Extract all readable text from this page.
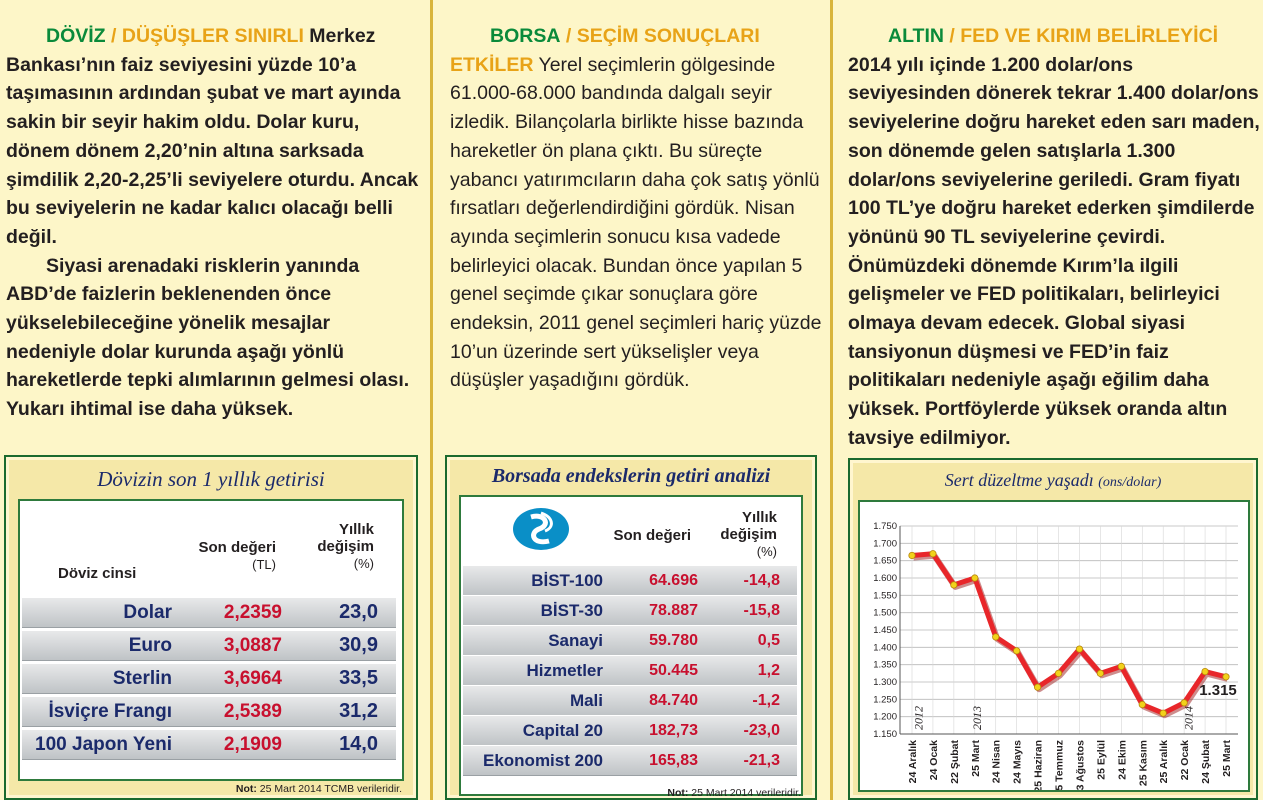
DÖVİZ / DÜŞÜŞLER SINIRLI Merkez Bankası’nın faiz seviyesini yüzde 10’a taşımasının ardından şubat ve mart ayında sakin bir seyir hakim oldu. Dolar kuru, dönem dönem 2,20’nin altına sarksada şimdilik 2,20-2,25’li seviyelere oturdu. Ancak bu seviyelerin ne kadar kalıcı olacağı belli değil.

Siyasi arenadaki risklerin yanında ABD’de faizlerin beklenenden önce yükselebileceğine yönelik mesajlar nedeniyle dolar kurunda aşağı yönlü hareketlerde tepki alımlarının gelmesi olası. Yukarı ihtimal ise daha yüksek.

BORSA / SEÇİM SONUÇLARI ETKİLER Yerel seçimlerin gölgesinde 61.000-68.000 bandında dalgalı seyir izledik. Bilançolarla birlikte hisse bazında hareketler ön plana çıktı. Bu süreçte yabancı yatırımcıların daha çok satış yönlü fırsatları değerlendirdiğini gördük. Nisan ayında seçimlerin sonucu kısa vadede belirleyici olacak. Bundan önce yapılan 5 genel seçimde çıkar sonuçlara göre endeksin, 2011 genel seçimleri hariç yüzde 10’un üzerinde sert yükselişler veya düşüşler yaşadığını gördük.

ALTIN / FED VE KIRIM BELİRLEYİCİ 2014 yılı içinde 1.200 dolar/ons seviyesinden dönerek tekrar 1.400 dolar/ons seviyelerine doğru hareket eden sarı maden, son dönemde gelen satışlarla 1.300 dolar/ons seviyelerine geriledi. Gram fiyatı 100 TL’ye doğru hareket ederken şimdilerde yönünü 90 TL seviyelerine çevirdi. Önümüzdeki dönemde Kırım’la ilgili gelişmeler ve FED politikaları, belirleyici olmaya devam edecek. Global siyasi tansiyonun düşmesi ve FED’in faiz politikaları nedeniyle aşağı eğilim daha yüksek. Portföylerde yüksek oranda altın tavsiye edilmiyor.

Dövizin son 1 yıllık getirisi
Döviz cinsi
Son değeri
(TL)
Yıllık değişim
(%)
Dolar	2,2359	23,0
Euro	3,0887	30,9
Sterlin	3,6964	33,5
İsviçre Frangı	2,5389	31,2
100 Japon Yeni	2,1909	14,0
Not: 25 Mart 2014 TCMB verileridir.
Borsada endekslerin getiri analizi
Son değeri
Yıllık değişim
(%)
BİST-100	64.696	-14,8
BİST-30	78.887	-15,8
Sanayi	59.780	0,5
Hizmetler	50.445	1,2
Mali	84.740	-1,2
Capital 20	182,73	-23,0
Ekonomist 200	165,83	-21,3
Not: 25 Mart 2014 verileridir.
Sert düzeltme yaşadı (ons/dolar)
1.150
1.200
1.250
1.300
1.350
1.400
1.450
1.500
1.550
1.600
1.650
1.700
1.750
2012	2013	2014
24 Aralık 24 Ocak 22 Şubat 25 Mart 24 Nisan 24 Mayıs 25 Haziran 25 Temmuz 23 Ağustos 25 Eylül 24 Ekim 25 Kasım 25 Aralık 22 Ocak 24 Şubat 25 Mart
1.315
